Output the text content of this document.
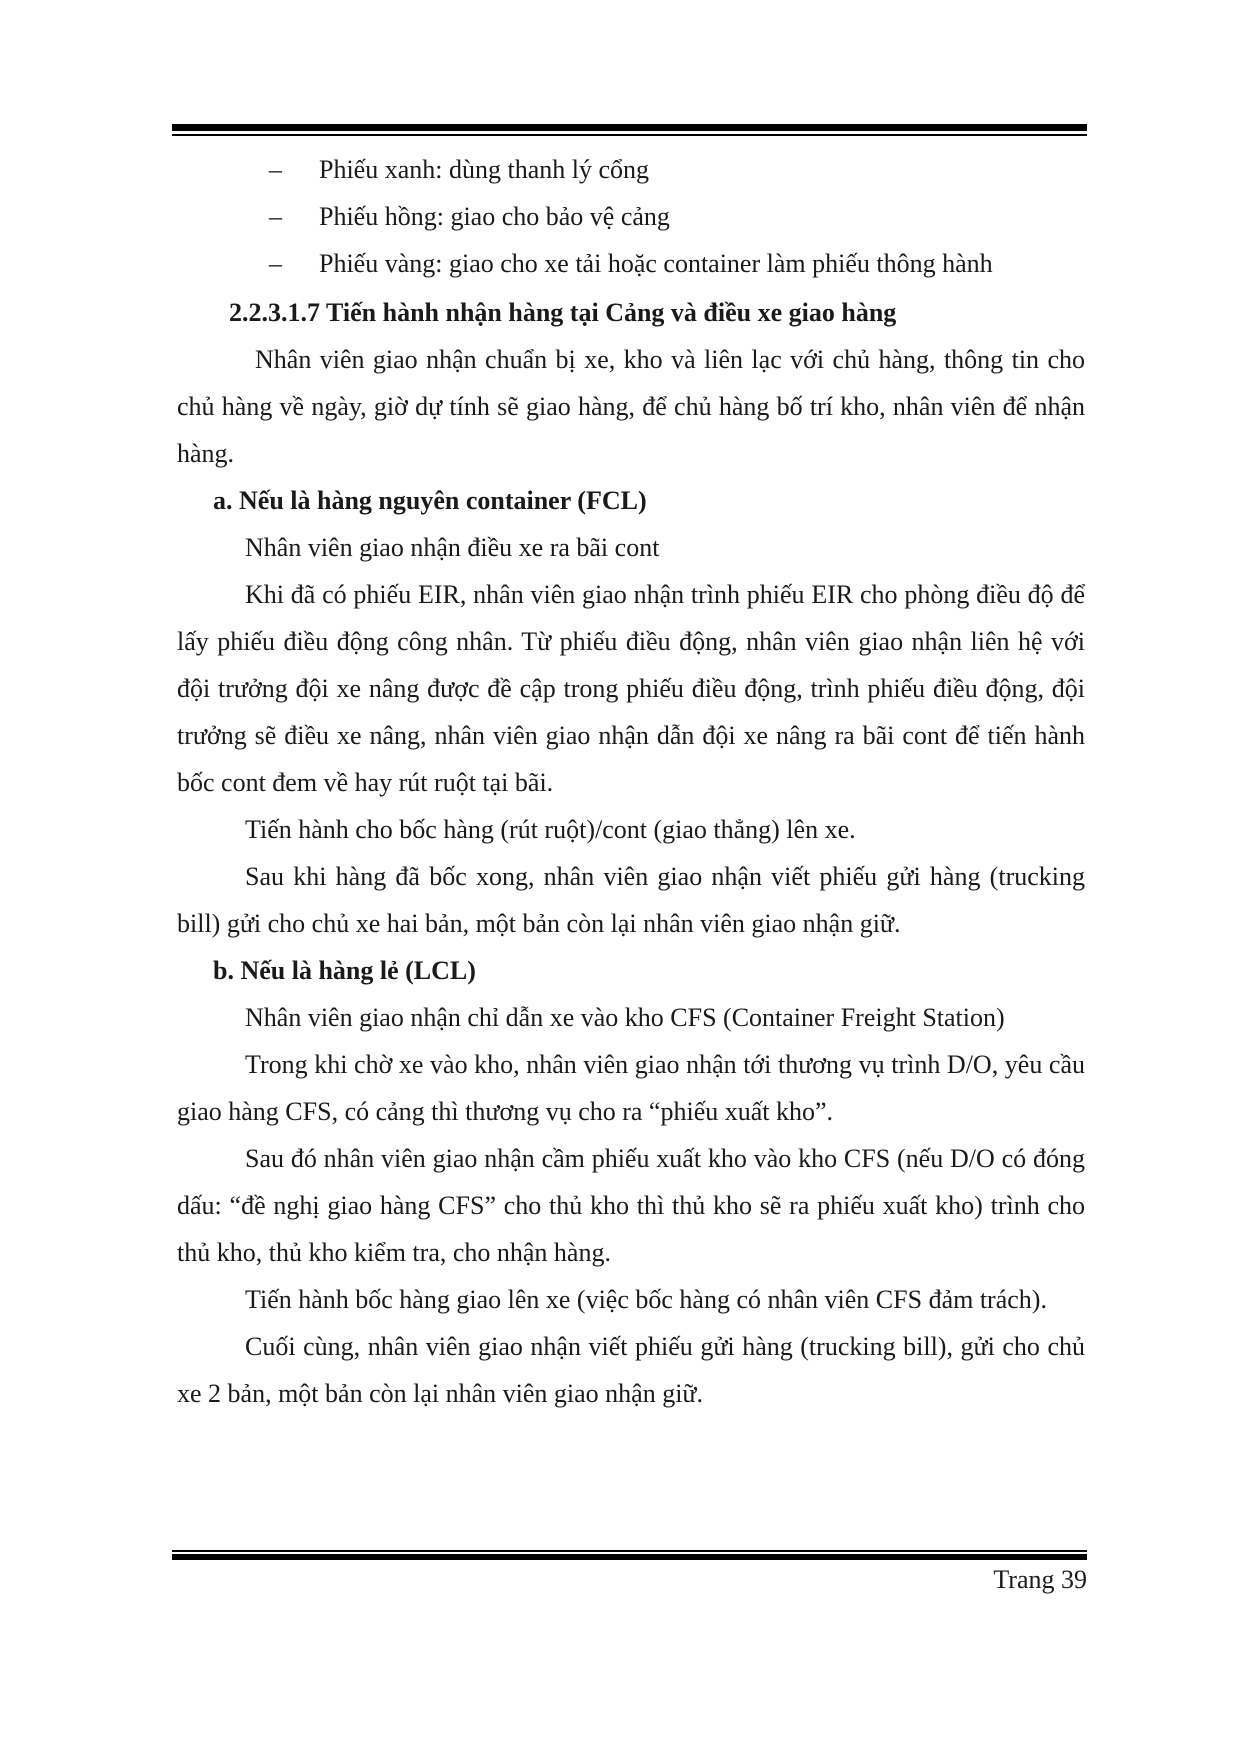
– Phiếu xanh: dùng thanh lý cổng
– Phiếu hồng: giao cho bảo vệ cảng
– Phiếu vàng: giao cho xe tải hoặc container làm phiếu thông hành
2.2.3.1.7 Tiến hành nhận hàng tại Cảng và điều xe giao hàng
Nhân viên giao nhận chuẩn bị xe, kho và liên lạc với chủ hàng, thông tin cho chủ hàng về ngày, giờ dự tính sẽ giao hàng, để chủ hàng bố trí kho, nhân viên để nhận hàng.
a. Nếu là hàng nguyên container (FCL)
Nhân viên giao nhận điều xe ra bãi cont
Khi đã có phiếu EIR, nhân viên giao nhận trình phiếu EIR cho phòng điều độ để lấy phiếu điều động công nhân. Từ phiếu điều động, nhân viên giao nhận liên hệ với đội trưởng đội xe nâng được đề cập trong phiếu điều động, trình phiếu điều động, đội trưởng sẽ điều xe nâng, nhân viên giao nhận dẫn đội xe nâng ra bãi cont để tiến hành bốc cont đem về hay rút ruột tại bãi.
Tiến hành cho bốc hàng (rút ruột)/cont (giao thẳng) lên xe.
Sau khi hàng đã bốc xong, nhân viên giao nhận viết phiếu gửi hàng (trucking bill) gửi cho chủ xe hai bản, một bản còn lại nhân viên giao nhận giữ.
b. Nếu là hàng lẻ (LCL)
Nhân viên giao nhận chỉ dẫn xe vào kho CFS (Container Freight Station)
Trong khi chờ xe vào kho, nhân viên giao nhận tới thương vụ trình D/O, yêu cầu giao hàng CFS, có cảng thì thương vụ cho ra “phiếu xuất kho”.
Sau đó nhân viên giao nhận cầm phiếu xuất kho vào kho CFS (nếu D/O có đóng dấu: “đề nghị giao hàng CFS” cho thủ kho thì thủ kho sẽ ra phiếu xuất kho) trình cho thủ kho, thủ kho kiểm tra, cho nhận hàng.
Tiến hành bốc hàng giao lên xe (việc bốc hàng có nhân viên CFS đảm trách).
Cuối cùng, nhân viên giao nhận viết phiếu gửi hàng (trucking bill), gửi cho chủ xe 2 bản, một bản còn lại nhân viên giao nhận giữ.
Trang 39
